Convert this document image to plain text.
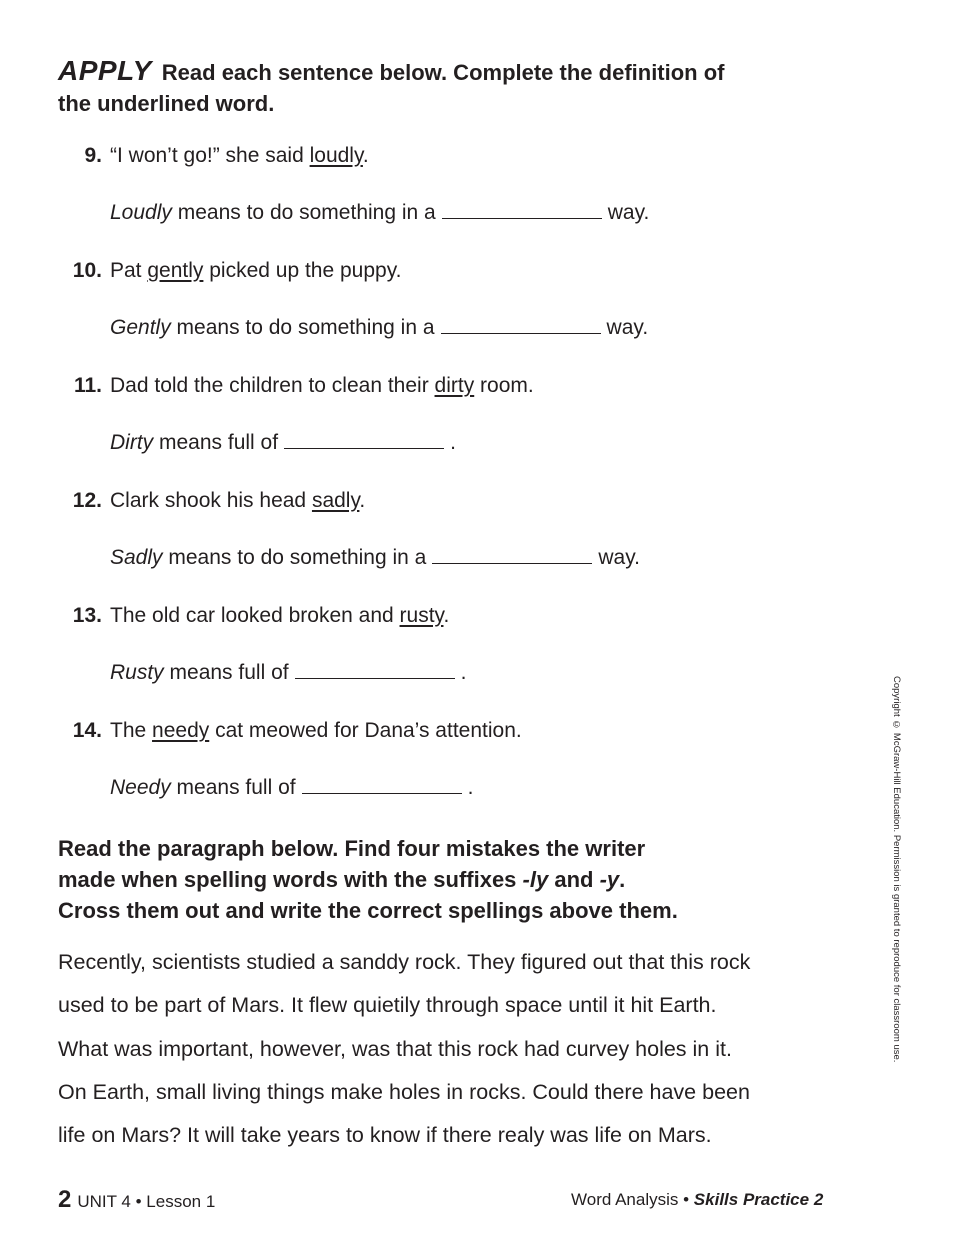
APPLY Read each sentence below. Complete the definition of the underlined word.
9. “I won’t go!” she said loudly.
Loudly means to do something in a	way.
10. Pat gently picked up the puppy.
Gently means to do something in a	way.
11. Dad told the children to clean their dirty room.
Dirty means full of	.
12. Clark shook his head sadly.
Sadly means to do something in a	way.
13. The old car looked broken and rusty.
Rusty means full of	.
14. The needy cat meowed for Dana’s attention.
Needy means full of	.
Read the paragraph below. Find four mistakes the writer
made when spelling words with the suffixes -ly and -y.
Cross them out and write the correct spellings above them.
Recently, scientists studied a sanddy rock. They figured out that this rock
used to be part of Mars. It flew quietily through space until it hit Earth.
What was important, however, was that this rock had curvey holes in it.
On Earth, small living things make holes in rocks. Could there have been
life on Mars? It will take years to know if there realy was life on Mars.
2 UNIT 4 • Lesson 1	Word Analysis • Skills Practice 2
Copyright © McGraw-Hill Education. Permission is granted to reproduce for classroom use.
